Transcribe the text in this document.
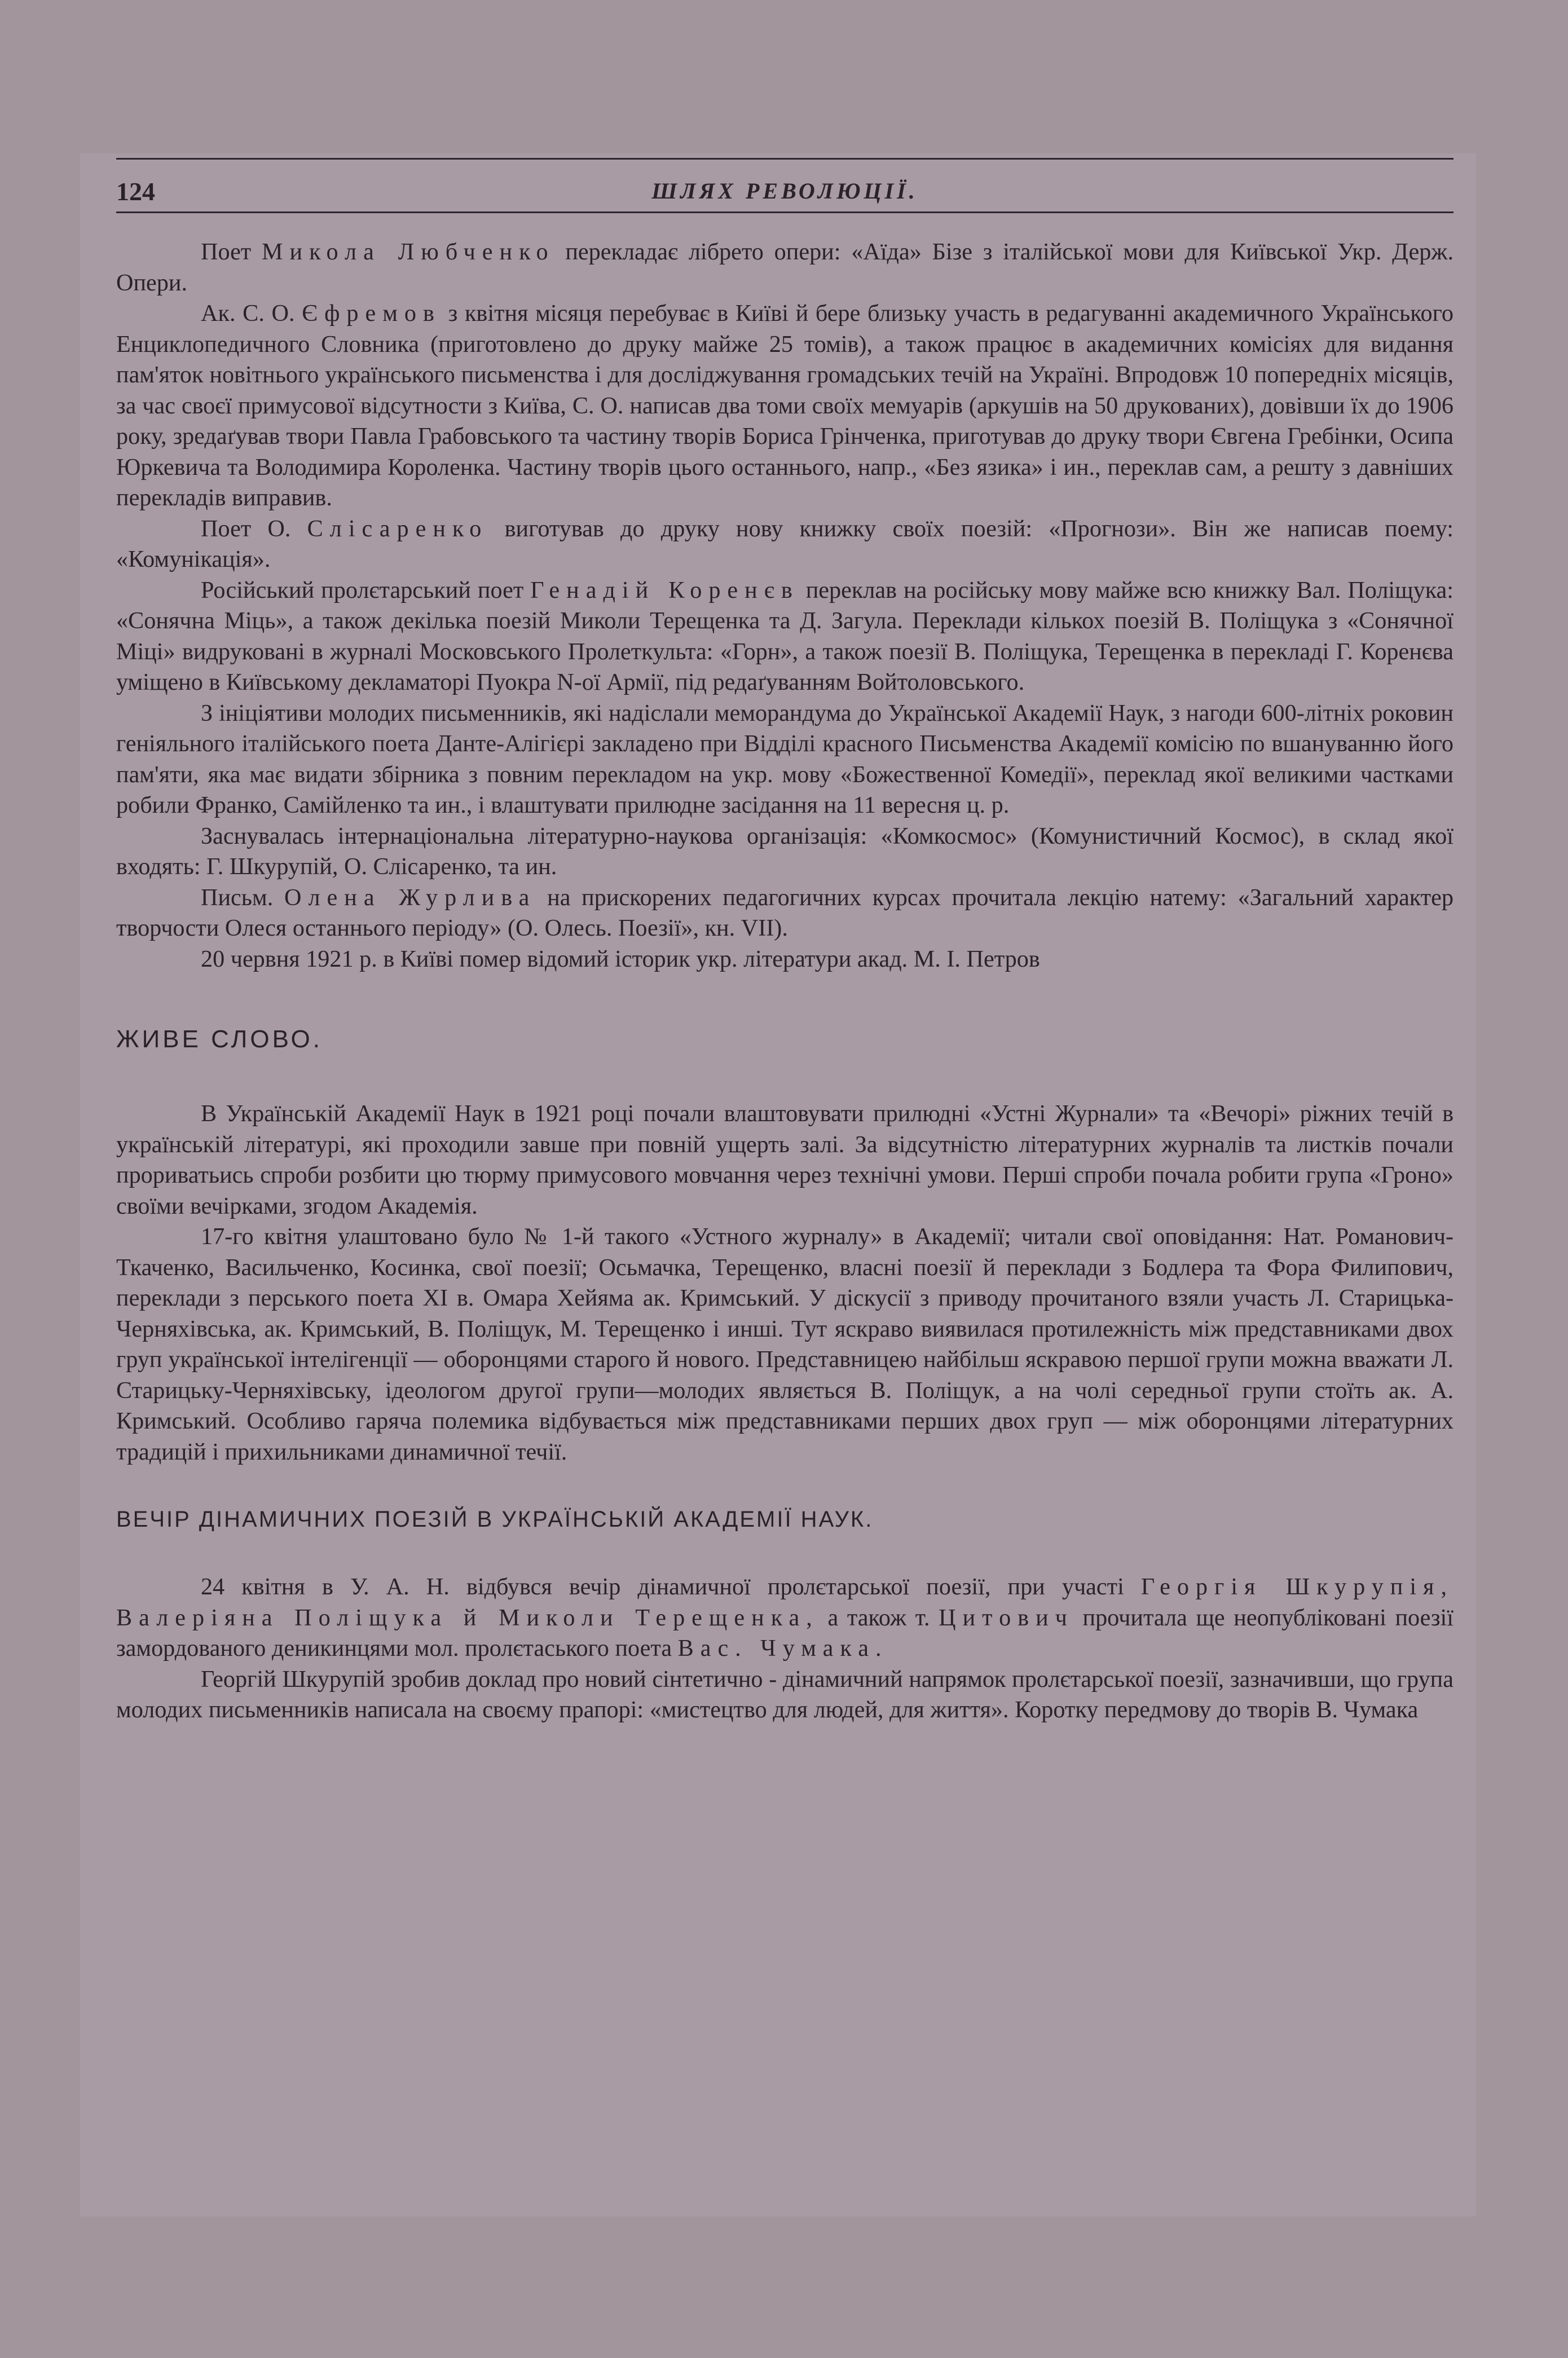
124	ШЛЯХ РЕВОЛЮЦІЇ.

Поет Микола Любченко перекладає лібрето опери: «Аїда» Бізе з італійської мови для Київської Укр. Держ. Опери.

Ак. С. О. Єфремов з квітня місяця перебуває в Київі й бере близьку участь в редагуванні академичного Українського Енциклопедичного Словника (приготовлено до друку майже 25 томів), а також працює в академичних комісіях для видання пам'яток новітнього українського письменства і для досліджування громадських течій на Україні. Впродовж 10 попередніх місяців, за час своєї примусової відсутности з Київа, С. О. написав два томи своїх мемуарів (аркушів на 50 друкованих), довівши їх до 1906 року, зредаґував твори Павла Грабовського та частину творів Бориса Грінченка, приготував до друку твори Євгена Гребінки, Осипа Юркевича та Володимира Короленка. Частину творів цього останнього, напр., «Без язика» і ин., переклав сам, а решту з давніших перекладів виправив.

Поет О. Слісаренко виготував до друку нову книжку своїх поезій: «Прогнози». Він же написав поему: «Комунікація».

Російський пролєтарський поет Генадій Коренєв переклав на російську мову майже всю книжку Вал. Поліщука: «Сонячна Міць», а також декілька поезій Миколи Терещенка та Д. Загула. Переклади кількох поезій В. Поліщука з «Сонячної Міці» видруковані в журналі Московського Пролеткульта: «Горн», а також поезії В. Поліщука, Терещенка в перекладі Г. Коренєва уміщено в Київському декламаторі Пуокра N-ої Армії, під редаґуванням Войтоловського.

З ініціятиви молодих письменників, які надіслали меморандума до Української Академії Наук, з нагоди 600-літніх роковин геніяльного італійського поета Данте-Алігієрі закладено при Відділі красного Письменства Академії комісію по вшануванню його пам'яти, яка має видати збірника з повним перекладом на укр. мову «Божественної Комедії», переклад якої великими частками робили Франко, Самійленко та ин., і влаштувати прилюдне засідання на 11 вересня ц. р.

Заснувалась інтернаціональна літературно-наукова організація: «Комкосмос» (Комунистичний Космос), в склад якої входять: Г. Шкурупій, О. Слісаренко, та ин.

Письм. Олена Журлива на прискорених педагогичних курсах прочитала лекцію натему: «Загальний характер творчости Олеся останнього періоду» (О. Олесь. Поезії», кн. VII).

20 червня 1921 р. в Київі помер відомий історик укр. літератури акад. М. І. Петров

ЖИВЕ СЛОВО.

В Українській Академії Наук в 1921 році почали влаштовувати прилюдні «Устні Журнали» та «Вечорі» ріжних течій в українській літературі, які проходили завше при повній ущерть залі. За відсутністю літературних журналів та листків почали прориватьись спроби розбити цю тюрму примусового мовчання через технічні умови. Перші спроби почала робити група «Гроно» своїми вечірками, згодом Академія.

17-го квітня улаштовано було № 1-й такого «Устного журналу» в Академії; читали свої оповідання: Нат. Романович-Ткаченко, Васильченко, Косинка, свої поезії; Осьмачка, Терещенко, власні поезії й переклади з Бодлера та Фора Филипович, переклади з перського поета XI в. Омара Хейяма ак. Кримський. У діскусії з приводу прочитаного взяли участь Л. Старицька-Черняхівська, ак. Кримський, В. Поліщук, М. Терещенко і инші. Тут яскраво виявилася протилежність між представниками двох груп української інтелігенції — оборонцями старого й нового. Представницею найбільш яскравою першої групи можна вважати Л. Старицьку-Черняхівську, ідеологом другої групи—молодих являється В. Поліщук, а на чолі середньої групи стоїть ак. А. Кримський. Особливо гаряча полемика відбувається між представниками перших двох груп — між оборонцями літературних традицій і прихильниками динамичної течії.

ВЕЧІР ДІНАМИЧНИХ ПОЕЗІЙ В УКРАЇНСЬКІЙ АКАДЕМІЇ НАУК.

24 квітня в У. А. Н. відбувся вечір дінамичної пролєтарської поезії, при участі Георгія Шкурупія, Валеріяна Поліщука й Миколи Терещенка, а також т. Цитович прочитала ще неопубліковані поезії замордованого деникинцями мол. пролєтаського поета Вас. Чумака.

Георгій Шкурупій зробив доклад про новий сінтетично - дінамичний напрямок пролєтарської поезії, зазначивши, що група молодих письменників написала на своєму прапорі: «мистецтво для людей, для життя». Коротку передмову до творів В. Чумака
